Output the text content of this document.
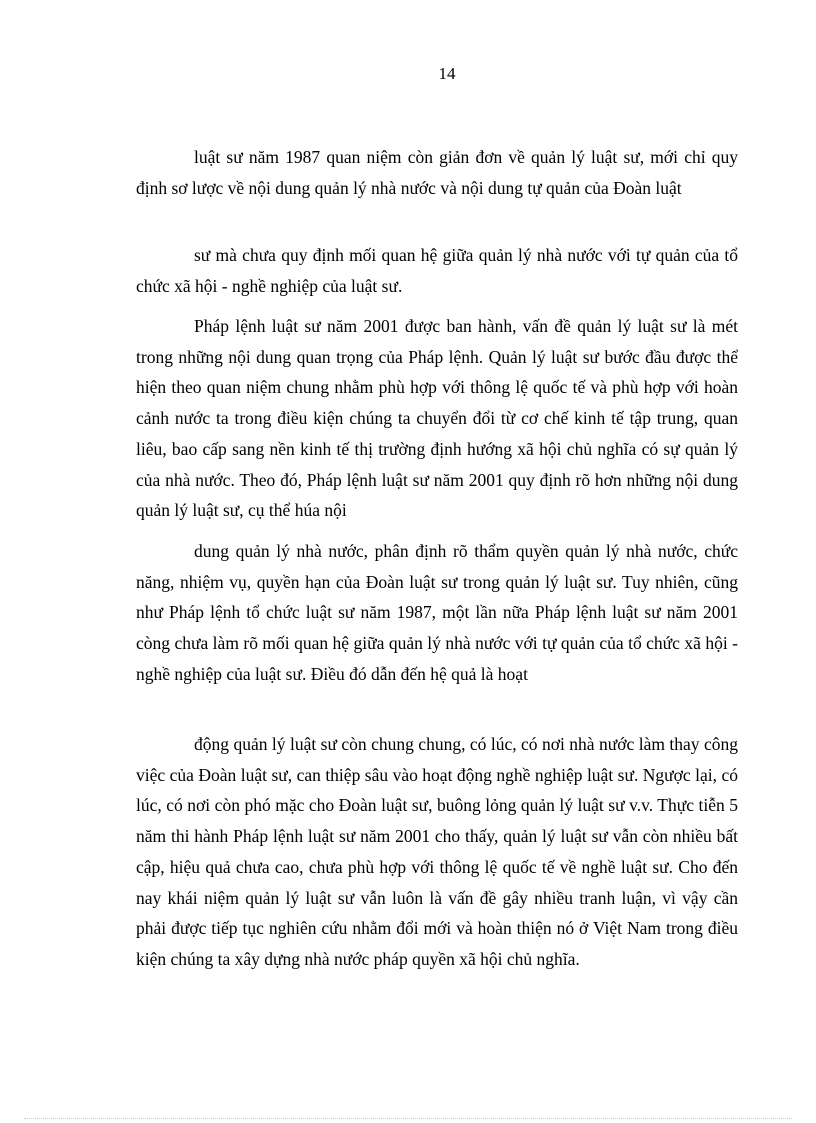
14

luật sư năm 1987 quan niệm còn giản đơn về quản lý luật sư, mới chỉ quy định sơ lược về nội dung quản lý nhà nước và nội dung tự quản của Đoàn luật

sư mà chưa quy định mối quan hệ giữa quản lý nhà nước với tự quản của tổ chức xã hội - nghề nghiệp của luật sư.

Pháp lệnh luật sư năm 2001 được ban hành, vấn đề quản lý luật sư là mét trong những nội dung quan trọng của Pháp lệnh. Quản lý luật sư bước đầu được thể hiện theo quan niệm chung nhằm phù hợp với thông lệ quốc tế và phù hợp với hoàn cảnh nước ta trong điều kiện chúng ta chuyển đổi từ cơ chế kinh tế tập trung, quan liêu, bao cấp sang nền kinh tế thị trường định hướng xã hội chủ nghĩa có sự quản lý của nhà nước. Theo đó, Pháp lệnh luật sư năm 2001 quy định rõ hơn những nội dung quản lý luật sư, cụ thể húa nội

dung quản lý nhà nước, phân định rõ thẩm quyền quản lý nhà nước, chức năng, nhiệm vụ, quyền hạn của Đoàn luật sư trong quản lý luật sư. Tuy nhiên, cũng như Pháp lệnh tổ chức luật sư năm 1987, một lần nữa Pháp lệnh luật sư năm 2001 còng chưa làm rõ mối quan hệ giữa quản lý nhà nước với tự quản của tổ chức xã hội - nghề nghiệp của luật sư. Điều đó dẫn đến hệ quả là hoạt

động quản lý luật sư còn chung chung, có lúc, có nơi nhà nước làm thay công việc của Đoàn luật sư, can thiệp sâu vào hoạt động nghề nghiệp luật sư. Ngược lại, có lúc, có nơi còn phó mặc cho Đoàn luật sư, buông lỏng quản lý luật sư v.v. Thực tiễn 5 năm thi hành Pháp lệnh luật sư năm 2001 cho thấy, quản lý luật sư vẫn còn nhiều bất cập, hiệu quả chưa cao, chưa phù hợp với thông lệ quốc tế về nghề luật sư. Cho đến nay khái niệm quản lý luật sư vẫn luôn là vấn đề gây nhiều tranh luận, vì vậy cần phải được tiếp tục nghiên cứu nhằm đổi mới và hoàn thiện nó ở Việt Nam trong điều kiện chúng ta xây dựng nhà nước pháp quyền xã hội chủ nghĩa.
